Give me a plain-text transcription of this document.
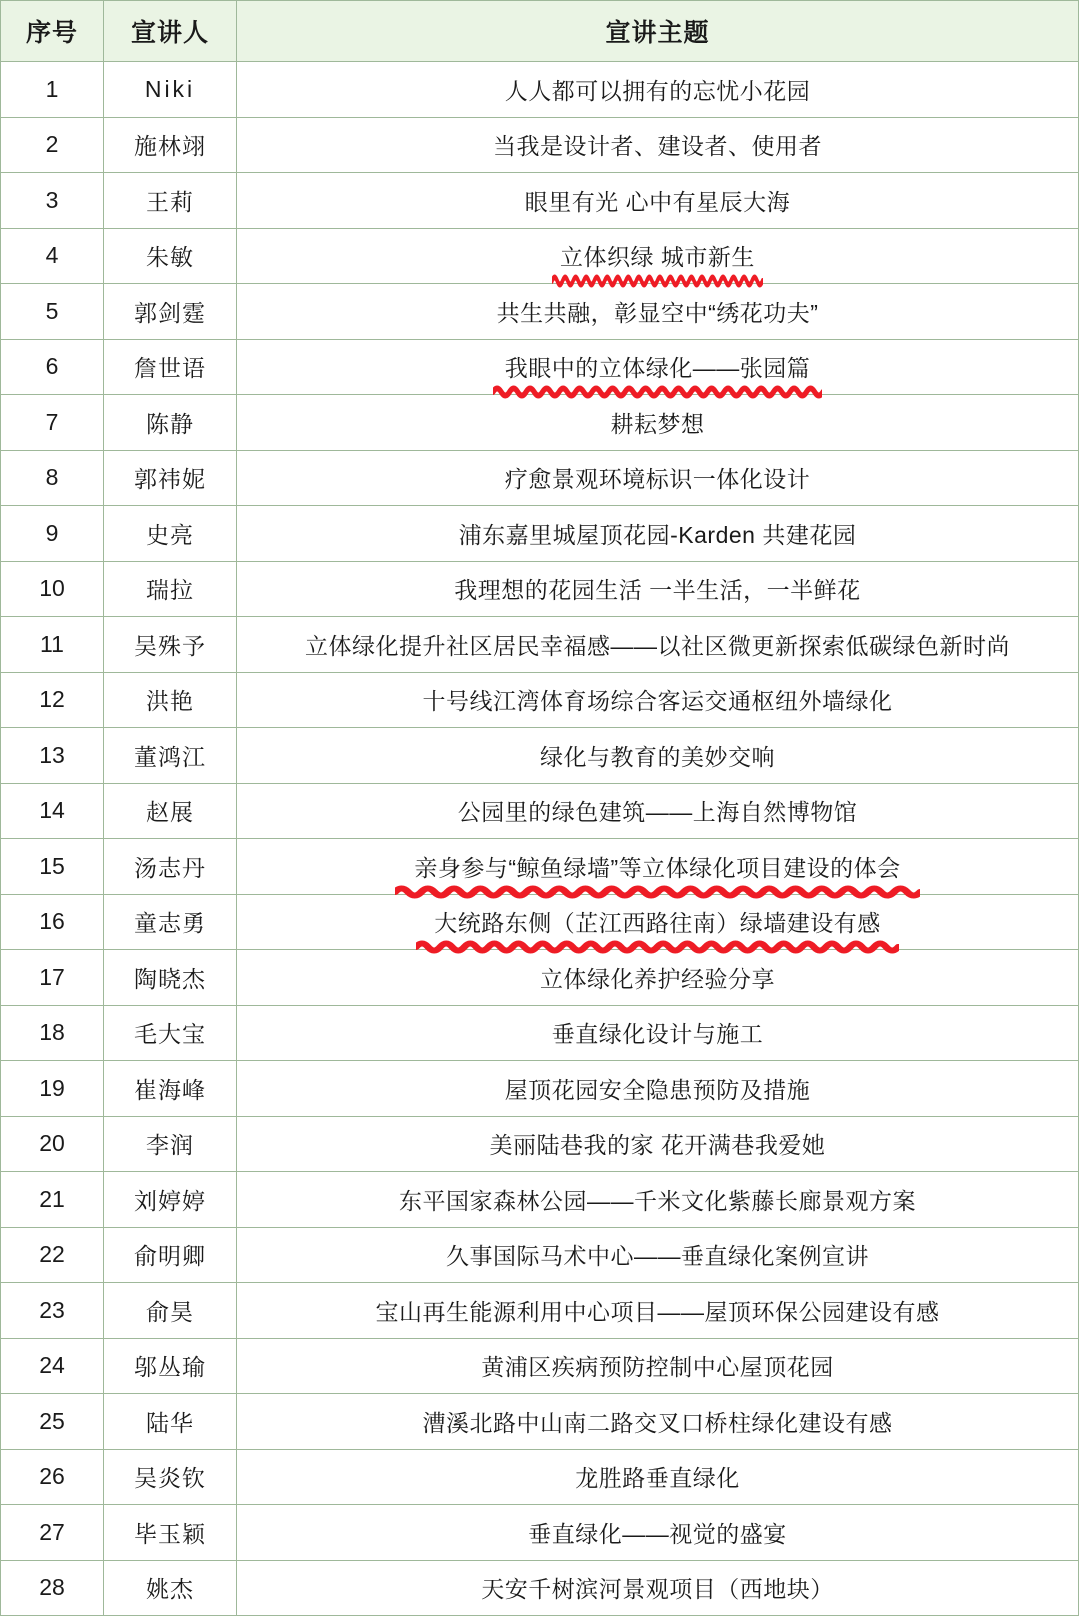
序号	宣讲人	宣讲主题
1	Niki	人人都可以拥有的忘忧小花园
2	施林翊	当我是设计者、建设者、使用者
3	王莉	眼里有光 心中有星辰大海
4	朱敏	立体织绿 城市新生

5	郭剑霆	共生共融，彰显空中“绣花功夫”
6	詹世语	我眼中的立体绿化——张园篇

7	陈静	耕耘梦想
8	郭祎妮	疗愈景观环境标识一体化设计
9	史亮	浦东嘉里城屋顶花园-Karden 共建花园
10	瑞拉	我理想的花园生活 一半生活，一半鲜花
11	吴殊予	立体绿化提升社区居民幸福感——以社区微更新探索低碳绿色新时尚
12	洪艳	十号线江湾体育场综合客运交通枢纽外墙绿化
13	董鸿江	绿化与教育的美妙交响
14	赵展	公园里的绿色建筑——上海自然博物馆
15	汤志丹	亲身参与“鲸鱼绿墙”等立体绿化项目建设的体会

16	童志勇	大统路东侧（芷江西路往南）绿墙建设有感

17	陶晓杰	立体绿化养护经验分享
18	毛大宝	垂直绿化设计与施工
19	崔海峰	屋顶花园安全隐患预防及措施
20	李润	美丽陆巷我的家 花开满巷我爱她
21	刘婷婷	东平国家森林公园——千米文化紫藤长廊景观方案
22	俞明卿	久事国际马术中心——垂直绿化案例宣讲
23	俞昊	宝山再生能源利用中心项目——屋顶环保公园建设有感
24	邬丛瑜	黄浦区疾病预防控制中心屋顶花园
25	陆华	漕溪北路中山南二路交叉口桥柱绿化建设有感
26	吴炎钦	龙胜路垂直绿化
27	毕玉颖	垂直绿化——视觉的盛宴
28	姚杰	天安千树滨河景观项目（西地块）
